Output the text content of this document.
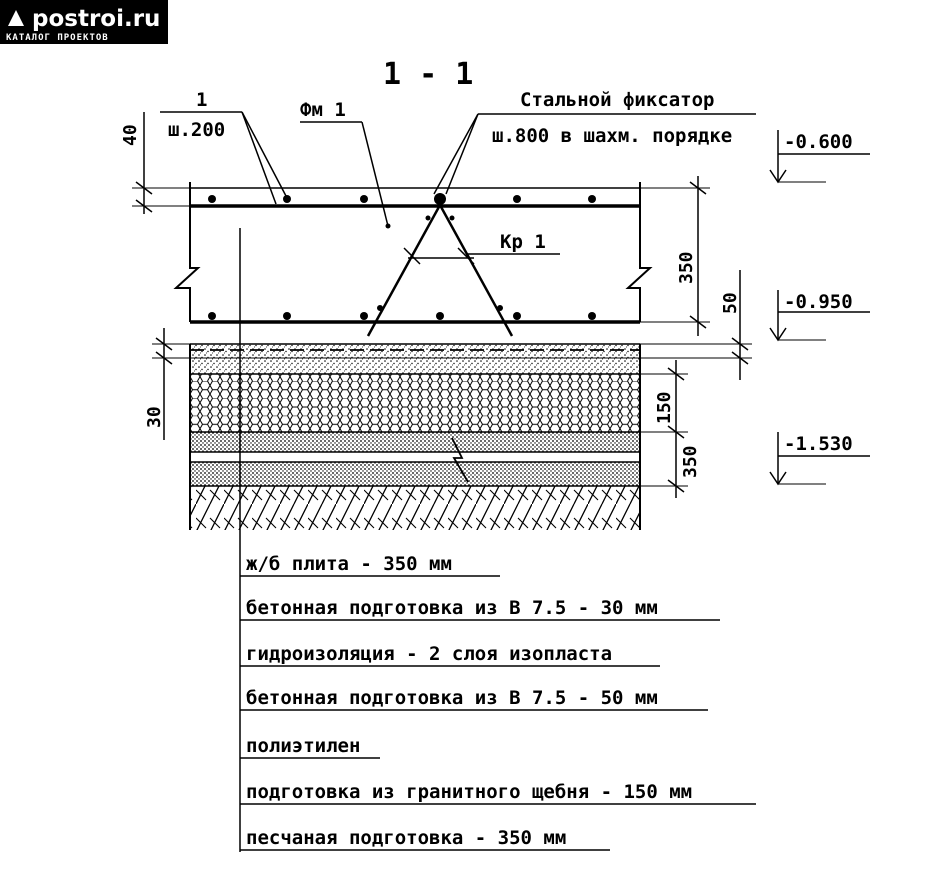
postroi.ru
КАТАЛОГ ПРОЕКТОВ
1 - 1
1
ш.200
Фм 1	Стальной фиксатор
ш.800 в шахм. порядке
Кр 1
40
30
350
50
150
350
-0.600
-0.950
-1.530
ж/б плита - 350 мм
бетонная подготовка из В 7.5 - 30 мм
гидроизоляция - 2 слоя изопласта
бетонная подготовка из В 7.5 - 50 мм
полиэтилен
подготовка из гранитного щебня - 150 мм
песчаная подготовка - 350 мм
